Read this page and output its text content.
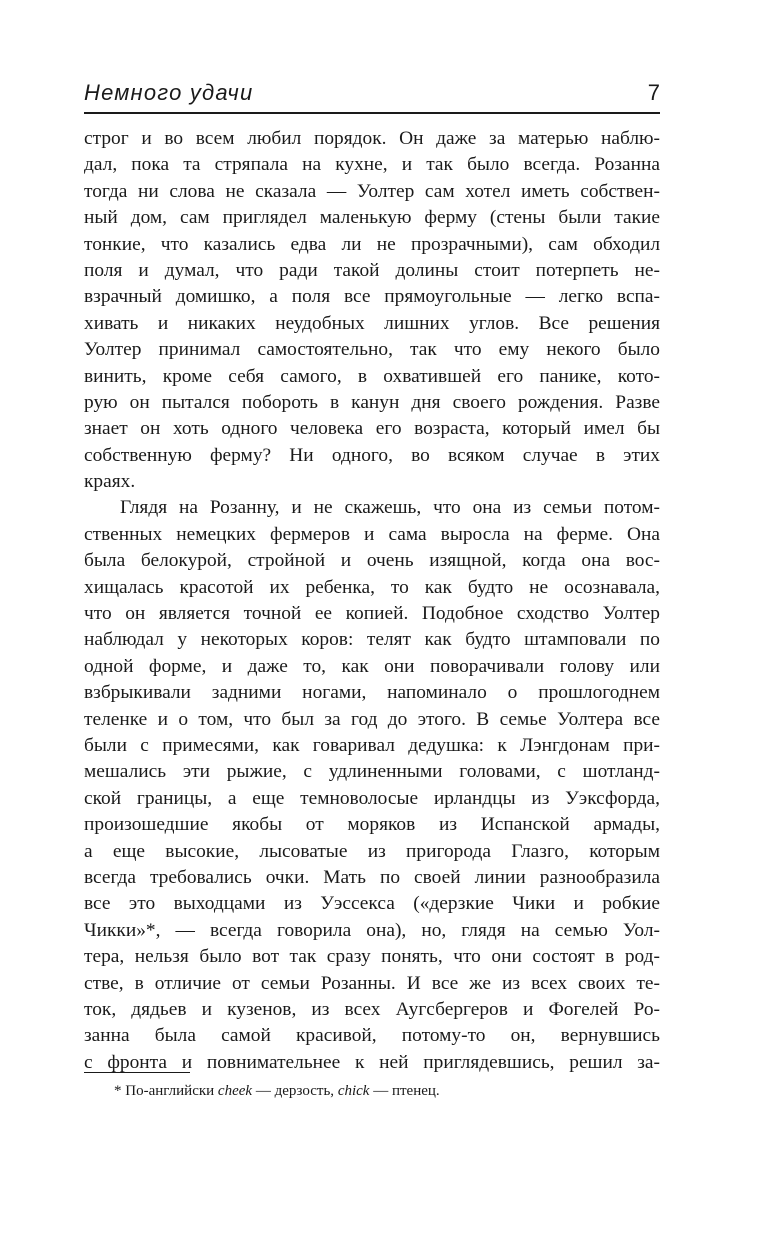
Немного удачи	7
строг и во всем любил порядок. Он даже за матерью наблю-
дал, пока та стряпала на кухне, и так было всегда. Розанна
тогда ни слова не сказала — Уолтер сам хотел иметь собствен-
ный дом, сам приглядел маленькую ферму (стены были такие
тонкие, что казались едва ли не прозрачными), сам обходил
поля и думал, что ради такой долины стоит потерпеть не-
взрачный домишко, а поля все прямоугольные — легко вспа-
хивать и никаких неудобных лишних углов. Все решения
Уолтер принимал самостоятельно, так что ему некого было
винить, кроме себя самого, в охватившей его панике, кото-
рую он пытался побороть в канун дня своего рождения. Разве
знает он хоть одного человека его возраста, который имел бы
собственную ферму? Ни одного, во всяком случае в этих
краях.
Глядя на Розанну, и не скажешь, что она из семьи потом-
ственных немецких фермеров и сама выросла на ферме. Она
была белокурой, стройной и очень изящной, когда она вос-
хищалась красотой их ребенка, то как будто не осознавала,
что он является точной ее копией. Подобное сходство Уолтер
наблюдал у некоторых коров: телят как будто штамповали по
одной форме, и даже то, как они поворачивали голову или
взбрыкивали задними ногами, напоминало о прошлогоднем
теленке и о том, что был за год до этого. В семье Уолтера все
были с примесями, как говаривал дедушка: к Лэнгдонам при-
мешались эти рыжие, с удлиненными головами, с шотланд-
ской границы, а еще темноволосые ирландцы из Уэксфорда,
произошедшие якобы от моряков из Испанской армады,
а еще высокие, лысоватые из пригорода Глазго, которым
всегда требовались очки. Мать по своей линии разнообразила
все это выходцами из Уэссекса («дерзкие Чики и робкие
Чикки»*, — всегда говорила она), но, глядя на семью Уол-
тера, нельзя было вот так сразу понять, что они состоят в род-
стве, в отличие от семьи Розанны. И все же из всех своих те-
ток, дядьев и кузенов, из всех Аугсбергеров и Фогелей Ро-
занна была самой красивой, потому-то он, вернувшись
с фронта и повнимательнее к ней приглядевшись, решил за-
* По-английски cheek — дерзость, chick — птенец.
